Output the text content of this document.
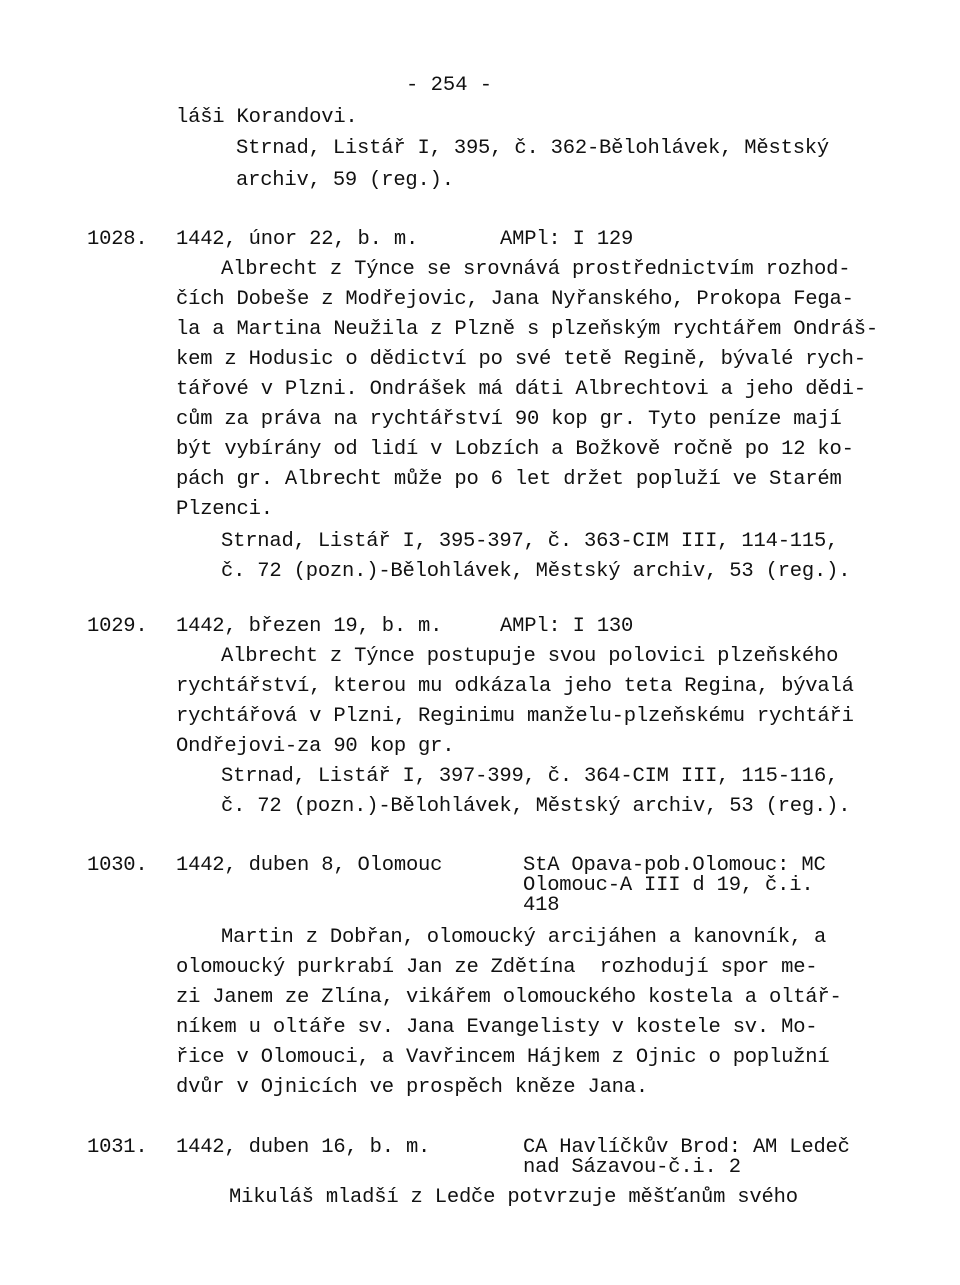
- 254 -
láši Korandovi.
Strnad, Listář I, 395, č. 362-Bělohlávek, Městský
archiv, 59 (reg.).
1028. 1442, únor 22, b. m.	AMPl: I 129
Albrecht z Týnce se srovnává prostřednictvím rozhod-
čích Dobeše z Modřejovic, Jana Nyřanského, Prokopa Fega-
la a Martina Neužila z Plzně s plzeňským rychtářem Ondráš-
kem z Hodusic o dědictví po své tetě Regině, bývalé rych-
tářové v Plzni. Ondrášek má dáti Albrechtovi a jeho dědi-
cům za práva na rychtářství 90 kop gr. Tyto peníze mají
být vybírány od lidí v Lobzích a Božkově ročně po 12 ko-
pách gr. Albrecht může po 6 let držet popluží ve Starém
Plzenci.
Strnad, Listář I, 395-397, č. 363-CIM III, 114-115,
č. 72 (pozn.)-Bělohlávek, Městský archiv, 53 (reg.).
1029. 1442, březen 19, b. m.	AMPl: I 130
Albrecht z Týnce postupuje svou polovici plzeňského
rychtářství, kterou mu odkázala jeho teta Regina, bývalá
rychtářová v Plzni, Reginimu manželu-plzeňskému rychtáři
Ondřejovi-za 90 kop gr.
Strnad, Listář I, 397-399, č. 364-CIM III, 115-116,
č. 72 (pozn.)-Bělohlávek, Městský archiv, 53 (reg.).
1030. 1442, duben 8, Olomouc	StA Opava-pob.Olomouc: MC
Olomouc-A III d 19, č.i.
418
Martin z Dobřan, olomoucký arcijáhen a kanovník, a
olomoucký purkrabí Jan ze Zdětína  rozhodují spor me-
zi Janem ze Zlína, vikářem olomouckého kostela a oltář-
níkem u oltáře sv. Jana Evangelisty v kostele sv. Mo-
řice v Olomouci, a Vavřincem Hájkem z Ojnic o poplužní
dvůr v Ojnicích ve prospěch kněze Jana.
1031. 1442, duben 16, b. m.	CA Havlíčkův Brod: AM Ledeč
nad Sázavou-č.i. 2
Mikuláš mladší z Ledče potvrzuje měšťanům svého
